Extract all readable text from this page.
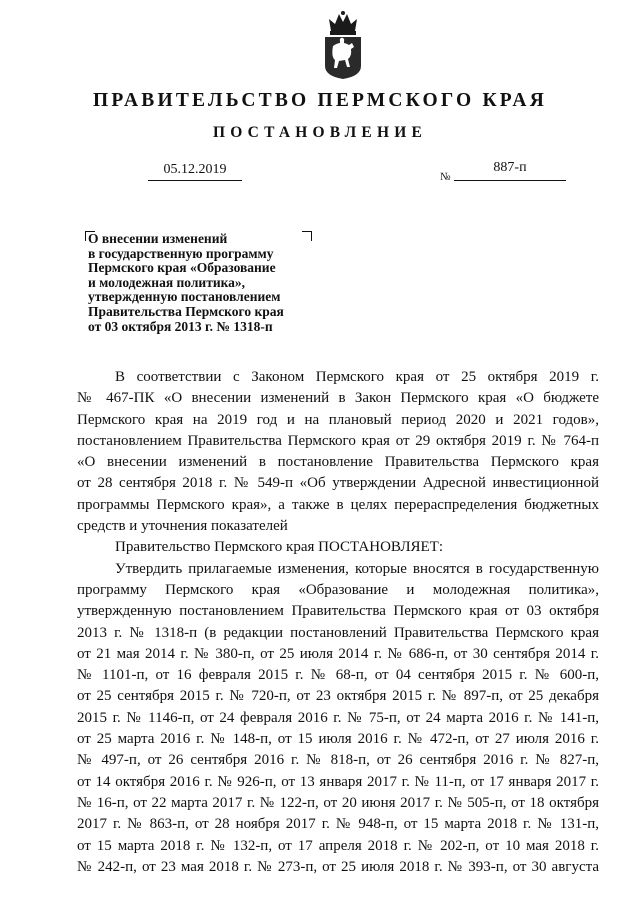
ПРАВИТЕЛЬСТВО ПЕРМСКОГО КРАЯ
ПОСТАНОВЛЕНИЕ
05.12.2019	№
887-п
О внесении изменений
в государственную программу
Пермского края «Образование
и молодежная политика»,
утвержденную постановлением
Правительства Пермского края
от 03 октября 2013 г. № 1318-п
В соответствии с Законом Пермского края от 25 октября 2019 г.
№ 467-ПК «О внесении изменений в Закон Пермского края «О бюджете
Пермского края на 2019 год и на плановый период 2020 и 2021 годов»,
постановлением Правительства Пермского края от 29 октября 2019 г. № 764-п
«О внесении изменений в постановление Правительства Пермского края
от 28 сентября 2018 г. № 549-п «Об утверждении Адресной инвестиционной
программы Пермского края», а также в целях перераспределения бюджетных
средств и уточнения показателей
Правительство Пермского края ПОСТАНОВЛЯЕТ:
Утвердить прилагаемые изменения, которые вносятся в государственную
программу Пермского края «Образование и молодежная политика»,
утвержденную постановлением Правительства Пермского края от 03 октября
2013 г. № 1318-п (в редакции постановлений Правительства Пермского края
от 21 мая 2014 г. № 380-п, от 25 июля 2014 г. № 686-п, от 30 сентября 2014 г.
№ 1101-п, от 16 февраля 2015 г. № 68-п, от 04 сентября 2015 г. № 600-п,
от 25 сентября 2015 г. № 720-п, от 23 октября 2015 г. № 897-п, от 25 декабря
2015 г. № 1146-п, от 24 февраля 2016 г. № 75-п, от 24 марта 2016 г. № 141-п,
от 25 марта 2016 г. № 148-п, от 15 июля 2016 г. № 472-п, от 27 июля 2016 г.
№ 497-п, от 26 сентября 2016 г. № 818-п, от 26 сентября 2016 г. № 827-п,
от 14 октября 2016 г. № 926-п, от 13 января 2017 г. № 11-п, от 17 января 2017 г.
№ 16-п, от 22 марта 2017 г. № 122-п, от 20 июня 2017 г. № 505-п, от 18 октября
2017 г. № 863-п, от 28 ноября 2017 г. № 948-п, от 15 марта 2018 г. № 131-п,
от 15 марта 2018 г. № 132-п, от 17 апреля 2018 г. № 202-п, от 10 мая 2018 г.
№ 242-п, от 23 мая 2018 г. № 273-п, от 25 июля 2018 г. № 393-п, от 30 августа
